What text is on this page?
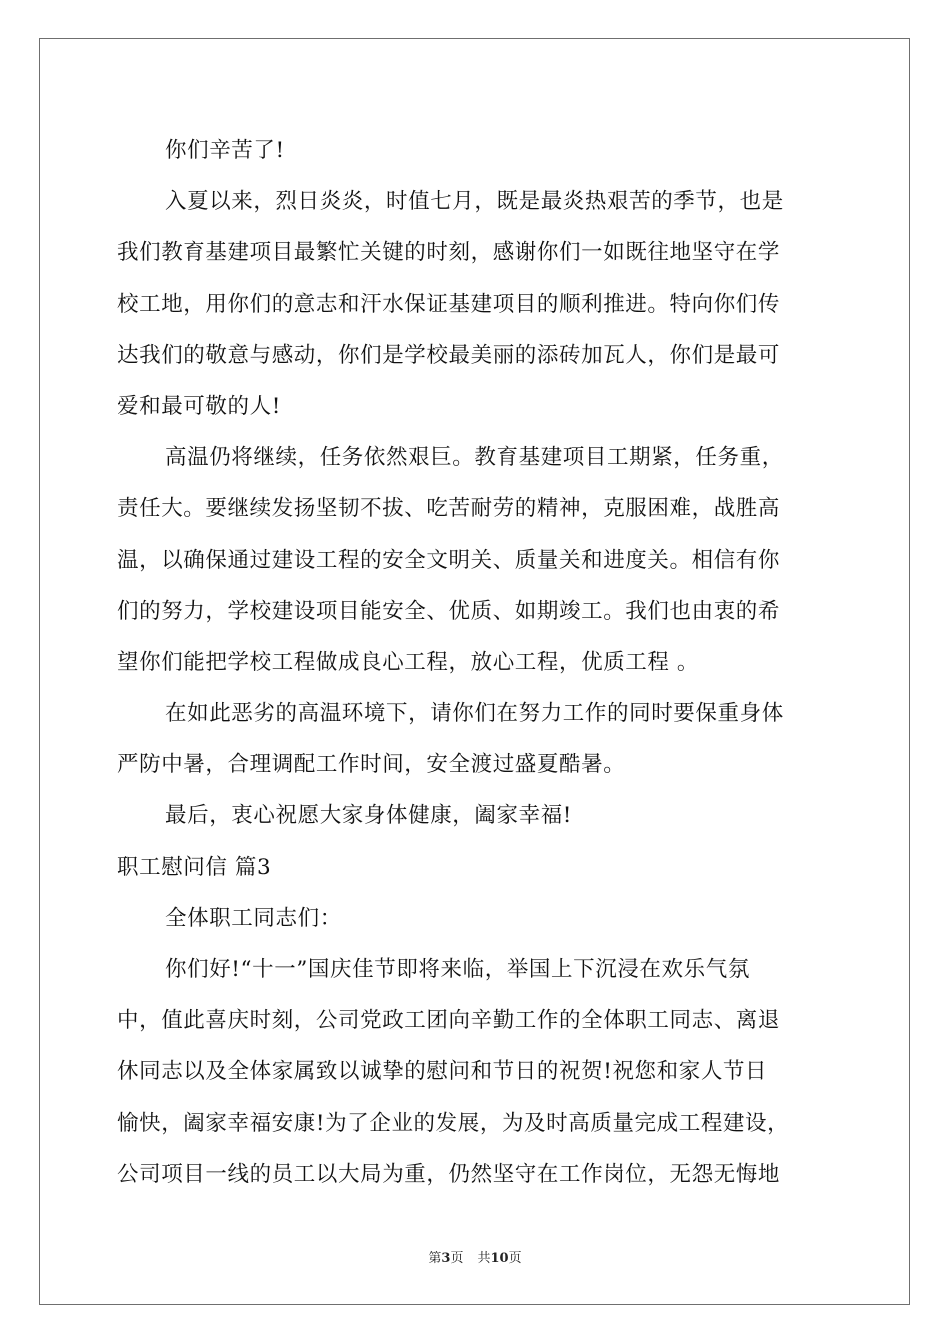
你们辛苦了!
入夏以来，烈日炎炎，时值七月，既是最炎热艰苦的季节，也是
我们教育基建项目最繁忙关键的时刻，感谢你们一如既往地坚守在学
校工地，用你们的意志和汗水保证基建项目的顺利推进。特向你们传
达我们的敬意与感动，你们是学校最美丽的添砖加瓦人，你们是最可
爱和最可敬的人!
高温仍将继续，任务依然艰巨。教育基建项目工期紧，任务重，
责任大。要继续发扬坚韧不拔、吃苦耐劳的精神，克服困难，战胜高
温，以确保通过建设工程的安全文明关、质量关和进度关。相信有你
们的努力，学校建设项目能安全、优质、如期竣工。我们也由衷的希
望你们能把学校工程做成良心工程，放心工程，优质工程 。
在如此恶劣的高温环境下，请你们在努力工作的同时要保重身体
严防中暑，合理调配工作时间，安全渡过盛夏酷暑。
最后，衷心祝愿大家身体健康，阖家幸福!
职工慰问信 篇3
全体职工同志们：
你们好!“十一”国庆佳节即将来临，举国上下沉浸在欢乐气氛
中，值此喜庆时刻，公司党政工团向辛勤工作的全体职工同志、离退
休同志以及全体家属致以诚挚的慰问和节日的祝贺!祝您和家人节日
愉快，阖家幸福安康!为了企业的发展，为及时高质量完成工程建设，
公司项目一线的员工以大局为重，仍然坚守在工作岗位，无怨无悔地
第3页 共10页
